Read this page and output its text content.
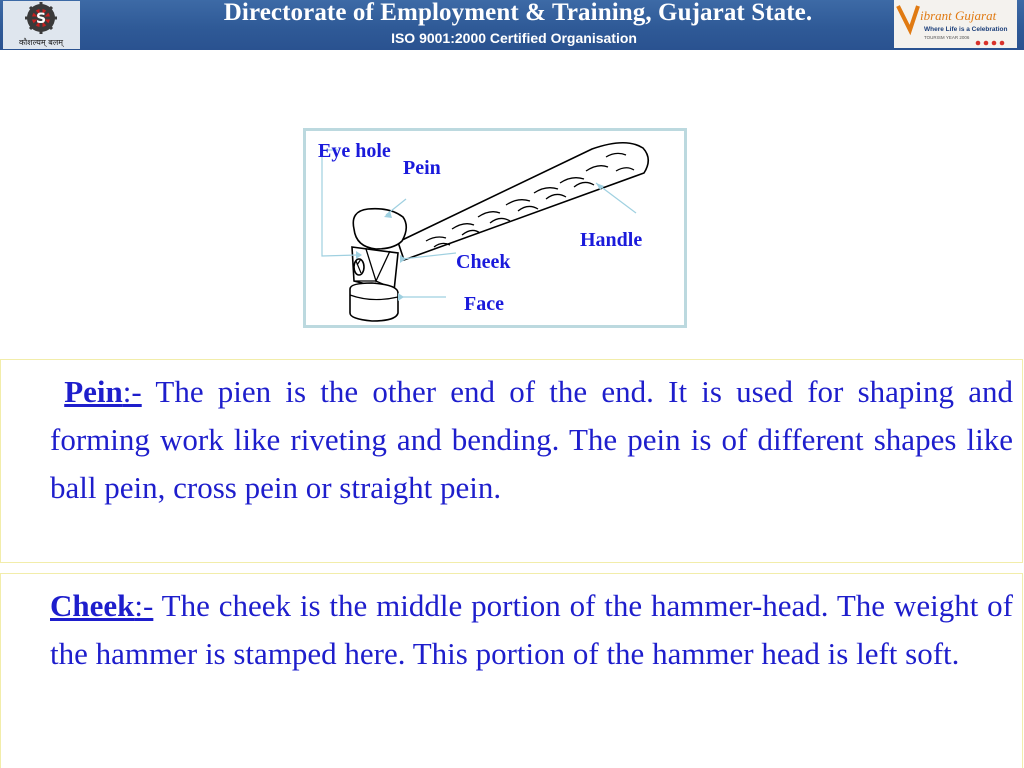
S
कौशल्यम् बलम्
Directorate of Employment & Training, Gujarat State.
ISO 9001:2000 Certified Organisation
ibrant Gujarat
Where Life is a Celebration
TOURISM YEAR 2006
Eye hole
Pein
Handle
Cheek
Face

Pein:- The pien is the other end of the end. It is used for shaping and forming work like riveting and bending. The pein is of different shapes like ball pein, cross pein or straight pein.

Cheek:- The cheek is the middle portion of the hammer-head. The weight of the hammer is stamped here. This portion of the hammer head is left soft.
